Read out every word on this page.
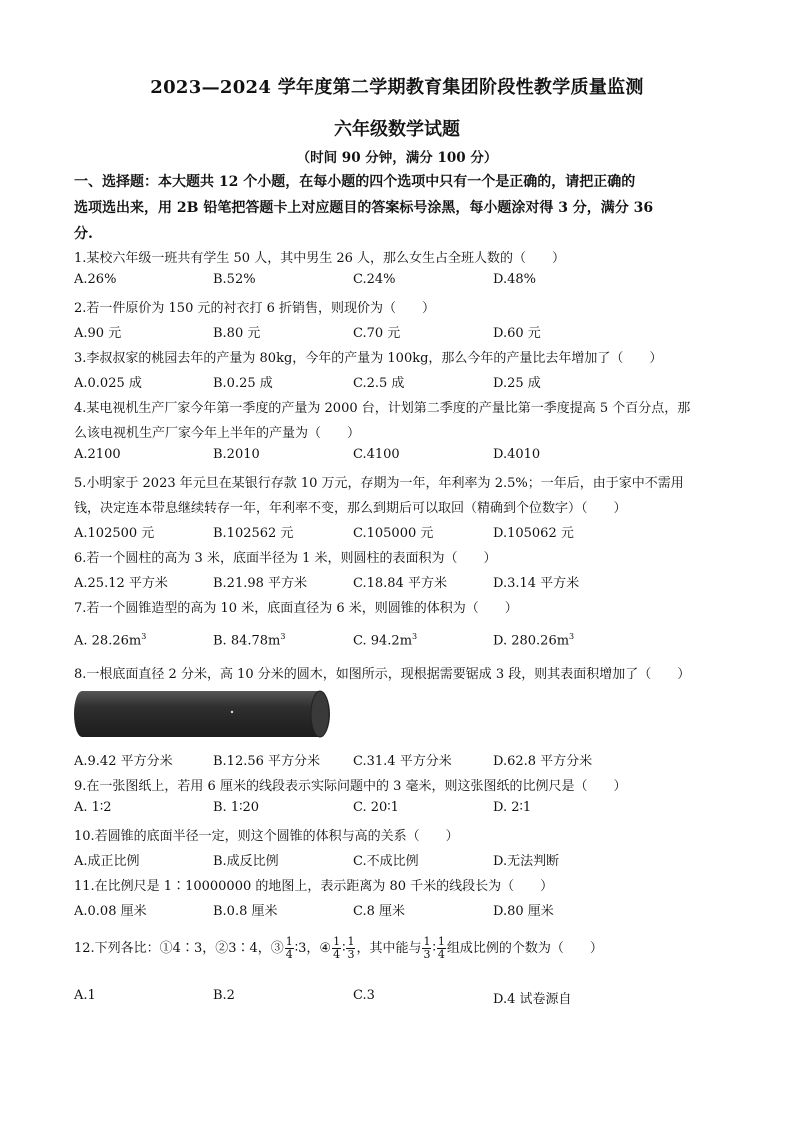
2023—2024 学年度第二学期教育集团阶段性教学质量监测
六年级数学试题
（时间 90 分钟，满分 100 分）
一、选择题：本大题共 12 个小题，在每小题的四个选项中只有一个是正确的，请把正确的
选项选出来，用 2B 铅笔把答题卡上对应题目的答案标号涂黑，每小题涂对得 3 分，满分 36
分.
1.某校六年级一班共有学生 50 人，其中男生 26 人，那么女生占全班人数的（　　）
A.26%	B.52%	C.24%	D.48%
2.若一件原价为 150 元的衬衣打 6 折销售，则现价为（　　）
A.90 元	B.80 元	C.70 元	D.60 元
3.李叔叔家的桃园去年的产量为 80kg，今年的产量为 100kg，那么今年的产量比去年增加了（　　）
A.0.025 成	B.0.25 成	C.2.5 成	D.25 成
4.某电视机生产厂家今年第一季度的产量为 2000 台，计划第二季度的产量比第一季度提高 5 个百分点，那
么该电视机生产厂家今年上半年的产量为（　　）
A.2100	B.2010	C.4100	D.4010
5.小明家于 2023 年元旦在某银行存款 10 万元，存期为一年，年利率为 2.5%；一年后，由于家中不需用
钱，决定连本带息继续转存一年，年利率不变，那么到期后可以取回（精确到个位数字）（　　）
A.102500 元	B.102562 元	C.105000 元	D.105062 元
6.若一个圆柱的高为 3 米，底面半径为 1 米，则圆柱的表面积为（　　）
A.25.12 平方米	B.21.98 平方米	C.18.84 平方米	D.3.14 平方米
7.若一个圆锥造型的高为 10 米，底面直径为 6 米，则圆锥的体积为（　　）
A. $28.26m^3$	B. $84.78m^3$	C. $94.2m^3$	D. $280.26m^3$
8.一根底面直径 2 分米，高 10 分米的圆木，如图所示，现根据需要锯成 3 段，则其表面积增加了（　　）
A.9.42 平方分米	B.12.56 平方分米	C.31.4 平方分米	D.62.8 平方分米
9.在一张图纸上，若用 6 厘米的线段表示实际问题中的 3 毫米，则这张图纸的比例尺是（　　）
A. 1∶2	B. 1∶20	C. 20∶1	D. 2∶1
10.若圆锥的底面半径一定，则这个圆锥的体积与高的关系（　　）
A.成正比例	B.成反比例	C.不成比例	D.无法判断
11.在比例尺是 1∶10000000 的地图上，表示距离为 80 千米的线段长为（　　）
A.0.08 厘米	B.0.8 厘米	C.8 厘米	D.80 厘米
12.下列各比：①4∶3，②3∶4，③ $\frac{1}{4}$ ∶3，④ $\frac{1}{4}$ ∶ $\frac{1}{3}$ ，其中能与 $\frac{1}{3}$ ∶ $\frac{1}{4}$ 组成比例的个数为（　　）
A.1	B.2	C.3	D.4 试卷源自
